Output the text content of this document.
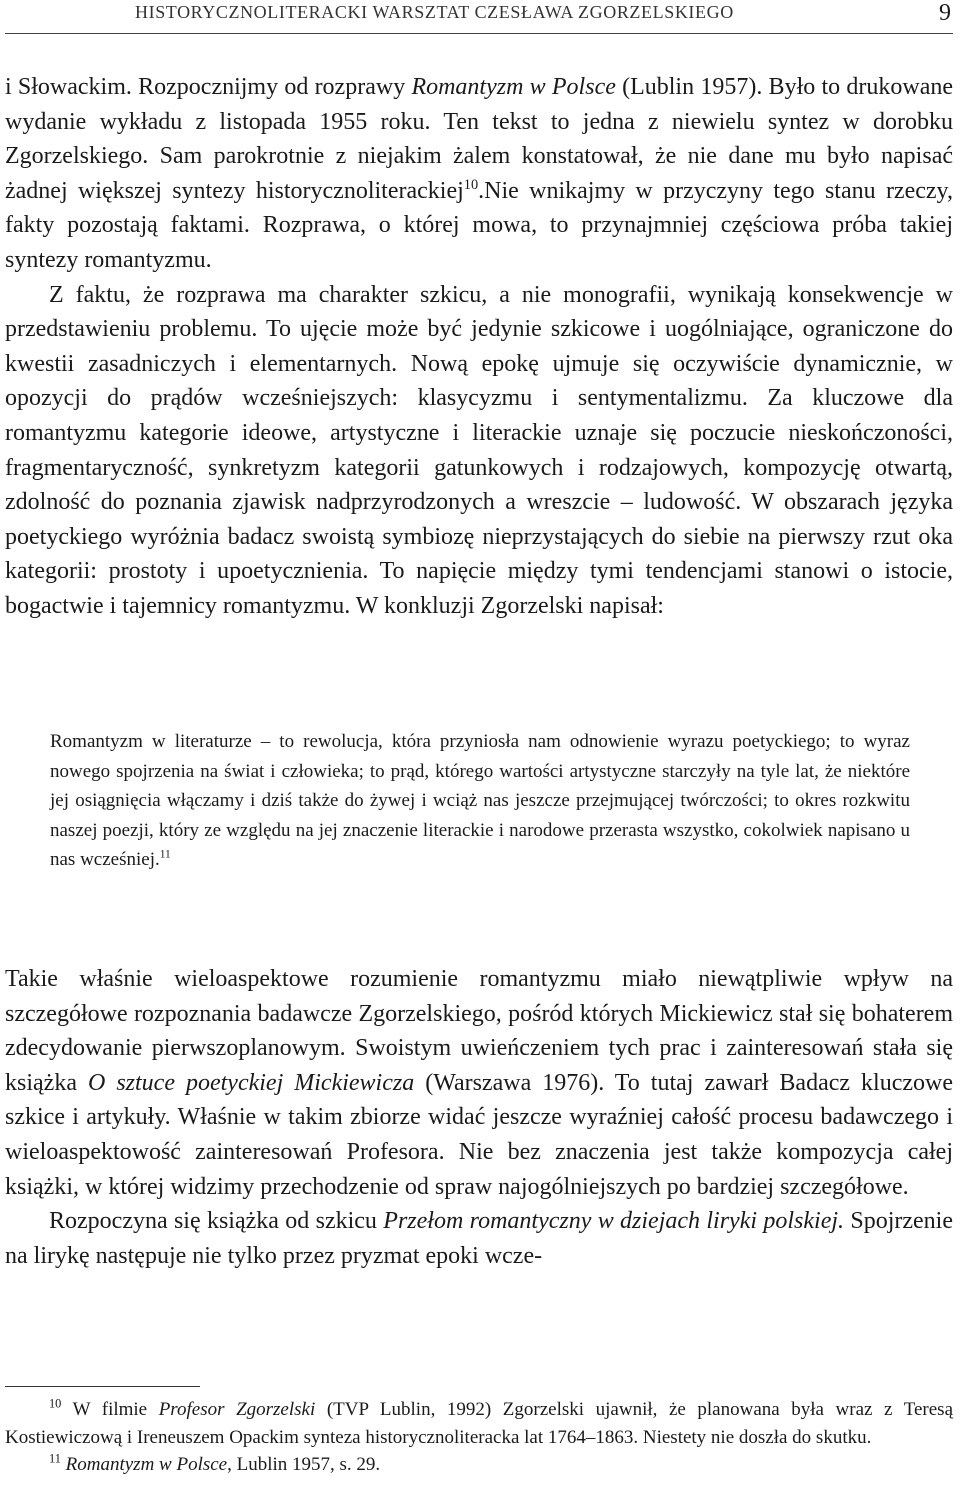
HISTORYCZNOLITERACKI WARSZTAT CZESŁAWA ZGORZELSKIEGO	9

i Słowackim. Rozpocznijmy od rozprawy Romantyzm w Polsce (Lublin 1957). Było to drukowane wydanie wykładu z listopada 1955 roku. Ten tekst to jedna z niewielu syntez w dorobku Zgorzelskiego. Sam parokrotnie z niejakim żalem konstatował, że nie dane mu było napisać żadnej większej syntezy historycznoliterackiej$^{10}$.Nie wnikajmy w przyczyny tego stanu rzeczy, fakty pozostają faktami. Rozprawa, o której mowa, to przynajmniej częściowa próba takiej syntezy romantyzmu.

Z faktu, że rozprawa ma charakter szkicu, a nie monografii, wynikają konsekwencje w przedstawieniu problemu. To ujęcie może być jedynie szkicowe i uogólniające, ograniczone do kwestii zasadniczych i elementarnych. Nową epokę ujmuje się oczywiście dynamicznie, w opozycji do prądów wcześniejszych: klasycyzmu i sentymentalizmu. Za kluczowe dla romantyzmu kategorie ideowe, artystyczne i literackie uznaje się poczucie nieskończoności, fragmentaryczność, synkretyzm kategorii gatunkowych i rodzajowych, kompozycję otwartą, zdolność do poznania zjawisk nadprzyrodzonych a wreszcie – ludowość. W obszarach języka poetyckiego wyróżnia badacz swoistą symbiozę nieprzystających do siebie na pierwszy rzut oka kategorii: prostoty i upoetycznienia. To napięcie między tymi tendencjami stanowi o istocie, bogactwie i tajemnicy romantyzmu. W konkluzji Zgorzelski napisał:

Romantyzm w literaturze – to rewolucja, która przyniosła nam odnowienie wyrazu poetyckiego; to wyraz nowego spojrzenia na świat i człowieka; to prąd, którego wartości artystyczne starczyły na tyle lat, że niektóre jej osiągnięcia włączamy i dziś także do żywej i wciąż nas jeszcze przejmującej twórczości; to okres rozkwitu naszej poezji, który ze względu na jej znaczenie literackie i narodowe przerasta wszystko, cokolwiek napisano u nas wcześniej.$^{11}$

Takie właśnie wieloaspektowe rozumienie romantyzmu miało niewątpliwie wpływ na szczegółowe rozpoznania badawcze Zgorzelskiego, pośród których Mickiewicz stał się bohaterem zdecydowanie pierwszoplanowym. Swoistym uwieńczeniem tych prac i zainteresowań stała się książka O sztuce poetyckiej Mickiewicza (Warszawa 1976). To tutaj zawarł Badacz kluczowe szkice i artykuły. Właśnie w takim zbiorze widać jeszcze wyraźniej całość procesu badawczego i wieloaspektowość zainteresowań Profesora. Nie bez znaczenia jest także kompozycja całej książki, w której widzimy przechodzenie od spraw najogólniejszych po bardziej szczegółowe.

Rozpoczyna się książka od szkicu Przełom romantyczny w dziejach liryki polskiej. Spojrzenie na lirykę następuje nie tylko przez pryzmat epoki wcze-

$^{10}$ W filmie Profesor Zgorzelski (TVP Lublin, 1992) Zgorzelski ujawnił, że planowana była wraz z Teresą Kostiewiczową i Ireneuszem Opackim synteza historycznoliteracka lat 1764–1863. Niestety nie doszła do skutku.

$^{11}$ Romantyzm w Polsce, Lublin 1957, s. 29.
